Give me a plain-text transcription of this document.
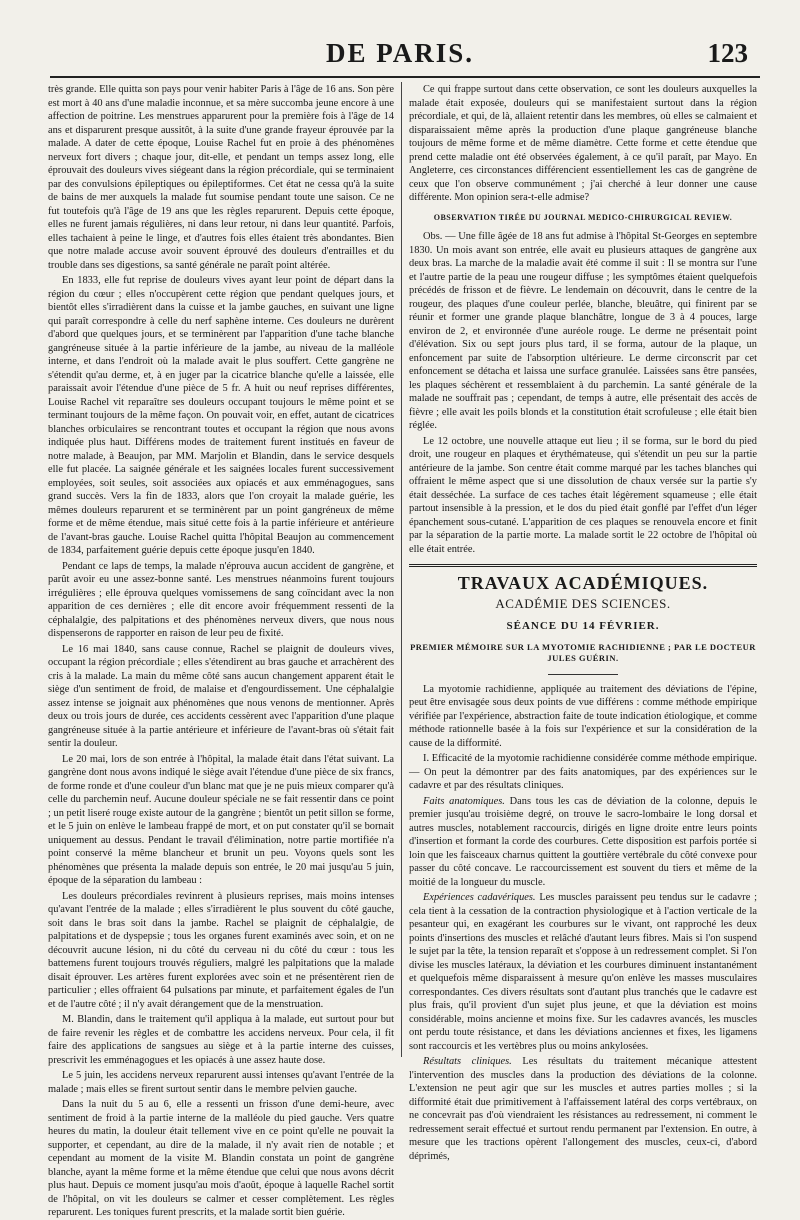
DE PARIS.	123

très grande. Elle quitta son pays pour venir habiter Paris à l'âge de 16 ans. Son père est mort à 40 ans d'une maladie inconnue, et sa mère succomba jeune encore à une affection de poitrine. Les menstrues apparurent pour la première fois à l'âge de 14 ans et disparurent presque aussitôt, à la suite d'une grande frayeur éprouvée par la malade. A dater de cette époque, Louise Rachel fut en proie à des phénomènes nerveux fort divers ; chaque jour, dit-elle, et pendant un temps assez long, elle éprouvait des douleurs vives siégeant dans la région précordiale, qui se terminaient par des convulsions épileptiques ou épileptiformes. Cet état ne cessa qu'à la suite de bains de mer auxquels la malade fut soumise pendant toute une saison. Ce ne fut toutefois qu'à l'âge de 19 ans que les règles reparurent. Depuis cette époque, elles ne furent jamais régulières, ni dans leur retour, ni dans leur quantité. Parfois, elles tachaient à peine le linge, et d'autres fois elles étaient très abondantes. Bien que notre malade accuse avoir souvent éprouvé des douleurs d'entrailles et du trouble dans ses digestions, sa santé générale ne paraît point altérée.

En 1833, elle fut reprise de douleurs vives ayant leur point de départ dans la région du cœur ; elles n'occupèrent cette région que pendant quelques jours, et bientôt elles s'irradièrent dans la cuisse et la jambe gauches, en suivant une ligne qui paraît correspondre à celle du nerf saphène interne. Ces douleurs ne durèrent d'abord que quelques jours, et se terminèrent par l'apparition d'une tache blanche gangréneuse située à la partie inférieure de la jambe, au niveau de la malléole interne, et dans l'endroit où la malade avait le plus souffert. Cette gangrène ne s'étendit qu'au derme, et, à en juger par la cicatrice blanche qu'elle a laissée, elle paraissait avoir l'étendue d'une pièce de 5 fr. A huit ou neuf reprises différentes, Louise Rachel vit reparaître ses douleurs occupant toujours le même point et se terminant toujours de la même façon. On pouvait voir, en effet, autant de cicatrices blanches orbiculaires se rencontrant toutes et occupant la région que nous avons indiquée plus haut. Différens modes de traitement furent institués en faveur de notre malade, à Beaujon, par MM. Marjolin et Blandin, dans le service desquels elle fut placée. La saignée générale et les saignées locales furent successivement employées, soit seules, soit associées aux opiacés et aux emménagogues, sans grand succès. Vers la fin de 1833, alors que l'on croyait la malade guérie, les mêmes douleurs reparurent et se terminèrent par un point gangréneux de même forme et de même étendue, mais situé cette fois à la partie inférieure et antérieure de l'avant-bras gauche. Louise Rachel quitta l'hôpital Beaujon au commencement de 1834, parfaitement guérie depuis cette époque jusqu'en 1840.

Pendant ce laps de temps, la malade n'éprouva aucun accident de gangrène, et parût avoir eu une assez-bonne santé. Les menstrues néanmoins furent toujours irrégulières ; elle éprouva quelques vomissemens de sang coïncidant avec la non apparition de ces dernières ; elle dit encore avoir fréquemment ressenti de la céphalalgie, des palpitations et des phénomènes nerveux divers, que nous nous dispenserons de rapporter en raison de leur peu de fixité.

Le 16 mai 1840, sans cause connue, Rachel se plaignit de douleurs vives, occupant la région précordiale ; elles s'étendirent au bras gauche et arrachèrent des cris à la malade. La main du même côté sans aucun changement apparent était le siège d'un sentiment de froid, de malaise et d'engourdissement. Une céphalalgie assez intense se joignait aux phénomènes que nous venons de mentionner. Après deux ou trois jours de durée, ces accidents cessèrent avec l'apparition d'une plaque gangréneuse située à la partie antérieure et inférieure de l'avant-bras où s'était fait sentir la douleur.

Le 20 mai, lors de son entrée à l'hôpital, la malade était dans l'état suivant. La gangrène dont nous avons indiqué le siège avait l'étendue d'une pièce de six francs, de forme ronde et d'une couleur d'un blanc mat que je ne puis mieux comparer qu'à celle du parchemin neuf. Aucune douleur spéciale ne se fait ressentir dans ce point ; un petit liseré rouge existe autour de la gangrène ; bientôt un petit sillon se forme, et le 5 juin on enlève le lambeau frappé de mort, et on put constater qu'il se bornait uniquement au dessus. Pendant le travail d'élimination, notre partie mortifiée n'a point conservé la même blancheur et brunit un peu. Voyons quels sont les phénomènes que présenta la malade depuis son entrée, le 20 mai jusqu'au 5 juin, époque de la séparation du lambeau :

Les douleurs précordiales revinrent à plusieurs reprises, mais moins intenses qu'avant l'entrée de la malade ; elles s'irradièrent le plus souvent du côté gauche, soit dans le bras soit dans la jambe. Rachel se plaignit de céphalalgie, de palpitations et de dyspepsie ; tous les organes furent examinés avec soin, et on ne découvrit aucune lésion, ni du côté du cerveau ni du côté du cœur : tous les battemens furent toujours trouvés réguliers, malgré les palpitations que la malade disait éprouver. Les artères furent explorées avec soin et ne présentèrent rien de particulier ; elles offraient 64 pulsations par minute, et parfaitement égales de l'un et de l'autre côté ; il n'y avait dérangement que de la menstruation.

M. Blandin, dans le traitement qu'il appliqua à la malade, eut surtout pour but de faire revenir les règles et de combattre les accidens nerveux. Pour cela, il fit faire des applications de sangsues au siège et à la partie interne des cuisses, prescrivit les emménagogues et les opiacés à une assez haute dose.

Le 5 juin, les accidens nerveux reparurent aussi intenses qu'avant l'entrée de la malade ; mais elles se firent surtout sentir dans le membre pelvien gauche.

Dans la nuit du 5 au 6, elle a ressenti un frisson d'une demi-heure, avec sentiment de froid à la partie interne de la malléole du pied gauche. Vers quatre heures du matin, la douleur était tellement vive en ce point qu'elle ne pouvait la supporter, et cependant, au dire de la malade, il n'y avait rien de notable ; et cependant au moment de la visite M. Blandin constata un point de gangrène blanche, ayant la même forme et la même étendue que celui que nous avons décrit plus haut. Depuis ce moment jusqu'au mois d'août, époque à laquelle Rachel sortit de l'hôpital, on vit les douleurs se calmer et cesser complètement. Les règles reparurent. Les toniques furent prescrits, et la malade sortit bien guérie.

Ce qui frappe surtout dans cette observation, ce sont les douleurs auxquelles la malade était exposée, douleurs qui se manifestaient surtout dans la région précordiale, et qui, de là, allaient retentir dans les membres, où elles se calmaient et disparaissaient même après la production d'une plaque gangréneuse blanche toujours de même forme et de même diamètre. Cette forme et cette étendue que prend cette maladie ont été observées également, à ce qu'il paraît, par Mayo. En Angleterre, ces circonstances différencient essentiellement les cas de gangrène de ceux que l'on observe communément ; j'ai cherché à leur donner une cause différente. Mon opinion sera-t-elle admise?

OBSERVATION TIRÉE DU JOURNAL MEDICO-CHIRURGICAL REVIEW.

Obs. — Une fille âgée de 18 ans fut admise à l'hôpital St-Georges en septembre 1830. Un mois avant son entrée, elle avait eu plusieurs attaques de gangrène aux deux bras. La marche de la maladie avait été comme il suit : Il se montra sur l'une et l'autre partie de la peau une rougeur diffuse ; les symptômes étaient quelquefois précédés de frisson et de fièvre. Le lendemain on découvrit, dans le centre de la rougeur, des plaques d'une couleur perlée, blanche, bleuâtre, qui finirent par se réunir et former une grande plaque blanchâtre, longue de 3 à 4 pouces, large environ de 2, et environnée d'une auréole rouge. Le derme ne présentait point d'élévation. Six ou sept jours plus tard, il se forma, autour de la plaque, un enfoncement par suite de l'absorption ultérieure. Le derme circonscrit par cet enfoncement se détacha et laissa une surface granulée. Laissées sans être pansées, les plaques séchèrent et ressemblaient à du parchemin. La santé générale de la malade ne souffrait pas ; cependant, de temps à autre, elle présentait des accès de fièvre ; elle avait les poils blonds et la constitution était scrofuleuse ; elle était bien réglée.

Le 12 octobre, une nouvelle attaque eut lieu ; il se forma, sur le bord du pied droit, une rougeur en plaques et érythémateuse, qui s'étendit un peu sur la partie antérieure de la jambe. Son centre était comme marqué par les taches blanches qui offraient le même aspect que si une dissolution de chaux versée sur la partie s'y était desséchée. La surface de ces taches était légèrement squameuse ; elle était partout insensible à la pression, et le dos du pied était gonflé par l'effet d'un léger épanchement sous-cutané. L'apparition de ces plaques se renouvela encore et finit par la séparation de la partie morte. La malade sortit le 22 octobre de l'hôpital où elle était entrée.

TRAVAUX ACADÉMIQUES.
ACADÉMIE DES SCIENCES.
SÉANCE DU 14 FÉVRIER.
PREMIER MÉMOIRE SUR LA MYOTOMIE RACHIDIENNE ; PAR LE DOCTEUR JULES GUÉRIN.

La myotomie rachidienne, appliquée au traitement des déviations de l'épine, peut être envisagée sous deux points de vue différens : comme méthode empirique vérifiée par l'expérience, abstraction faite de toute indication étiologique, et comme méthode rationnelle basée à la fois sur l'expérience et sur la considération de la cause de la difformité.

I. Efficacité de la myotomie rachidienne considérée comme méthode empirique. — On peut la démontrer par des faits anatomiques, par des expériences sur le cadavre et par des résultats cliniques.

Faits anatomiques. Dans tous les cas de déviation de la colonne, depuis le premier jusqu'au troisième degré, on trouve le sacro-lombaire le long dorsal et autres muscles, notablement raccourcis, dirigés en ligne droite entre leurs points d'insertion et formant la corde des courbures. Cette disposition est parfois portée si loin que les faisceaux charnus quittent la gouttière vertébrale du côté convexe pour passer du côté concave. Le raccourcissement est souvent du tiers et même de la moitié de la longueur du muscle.

Expériences cadavériques. Les muscles paraissent peu tendus sur le cadavre ; cela tient à la cessation de la contraction physiologique et à l'action verticale de la pesanteur qui, en exagérant les courbures sur le vivant, ont rapproché les deux points d'insertions des muscles et relâché d'autant leurs fibres. Mais si l'on suspend le sujet par la tête, la tension reparaît et s'oppose à un redressement complet. Si l'on divise les muscles latéraux, la déviation et les courbures diminuent instantanément et quelquefois même disparaissent à mesure qu'on enlève les masses musculaires correspondantes. Ces divers résultats sont d'autant plus tranchés que le cadavre est plus frais, qu'il provient d'un sujet plus jeune, et que la déviation est moins considérable, moins ancienne et moins fixe. Sur les cadavres avancés, les muscles ont perdu toute résistance, et dans les déviations anciennes et fixes, les ligamens sont raccourcis et les vertèbres plus ou moins ankylosées.

Résultats cliniques. Les résultats du traitement mécanique attestent l'intervention des muscles dans la production des déviations de la colonne. L'extension ne peut agir que sur les muscles et autres parties molles ; si la difformité était due primitivement à l'affaissement latéral des corps vertébraux, on ne concevrait pas d'où viendraient les résistances au redressement, ni comment le redressement serait effectué et surtout rendu permanent par l'extension. En outre, à mesure que les tractions opèrent l'allongement des muscles, ceux-ci, d'abord déprimés,
